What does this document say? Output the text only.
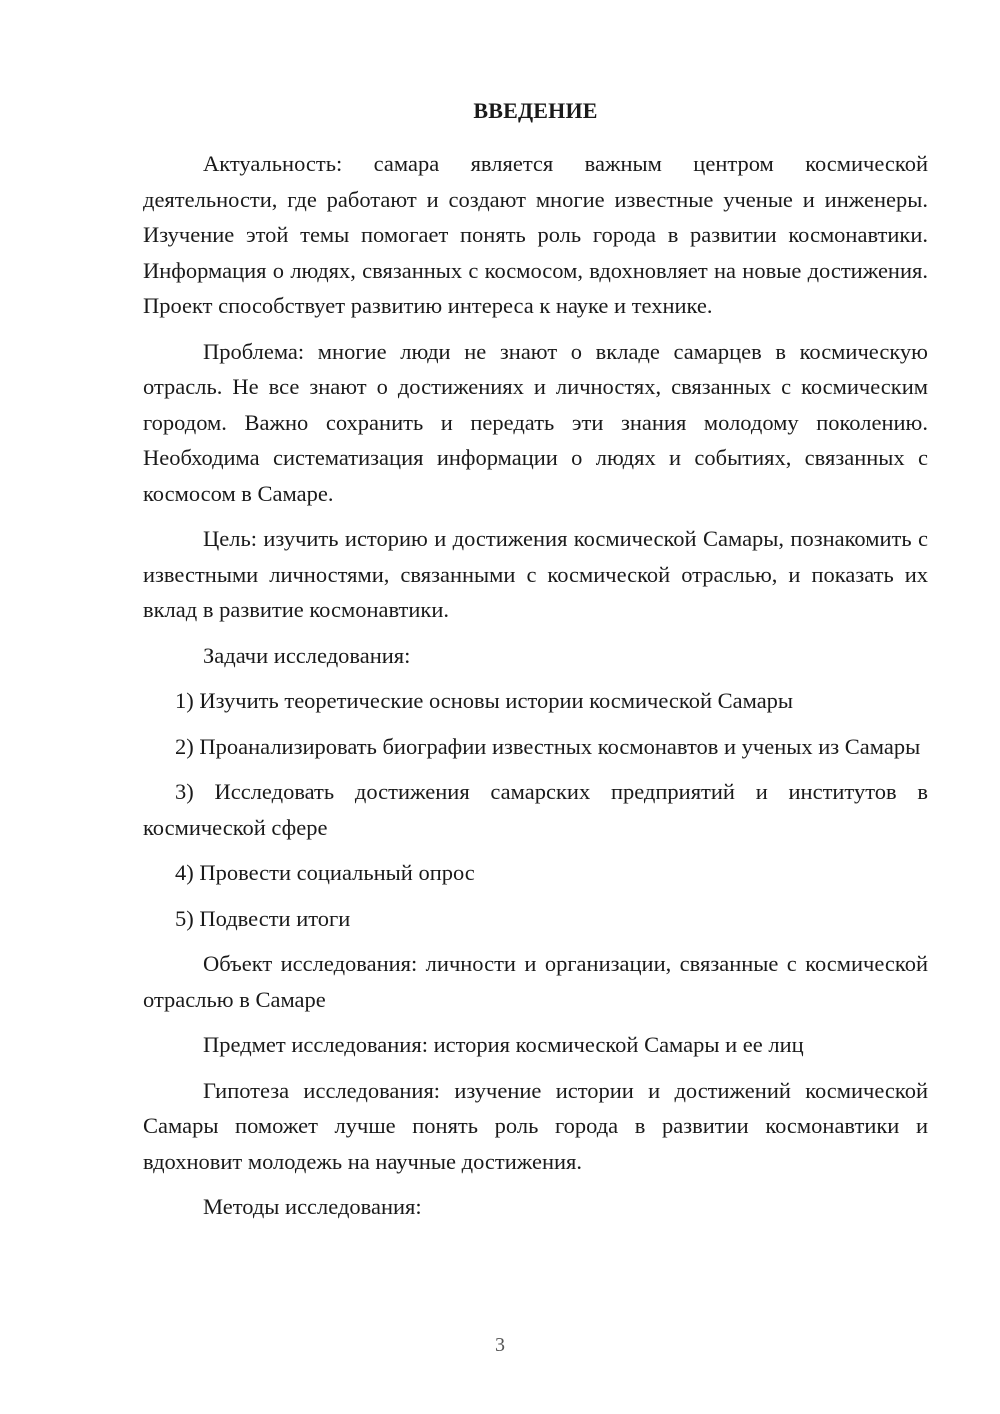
ВВЕДЕНИЕ

Актуальность: самара является важным центром космической деятельности, где работают и создают многие известные ученые и инженеры. Изучение этой темы помогает понять роль города в развитии космонавтики. Информация о людях, связанных с космосом, вдохновляет на новые достижения. Проект способствует развитию интереса к науке и технике.

Проблема: многие люди не знают о вкладе самарцев в космическую отрасль. Не все знают о достижениях и личностях, связанных с космическим городом. Важно сохранить и передать эти знания молодому поколению. Необходима систематизация информации о людях и событиях, связанных с космосом в Самаре.

Цель: изучить историю и достижения космической Самары, познакомить с известными личностями, связанными с космической отраслью, и показать их вклад в развитие космонавтики.

Задачи исследования:

1) Изучить теоретические основы истории космической Самары

2) Проанализировать биографии известных космонавтов и ученых из Самары

3) Исследовать достижения самарских предприятий и институтов в космической сфере

4) Провести социальный опрос

5) Подвести итоги

Объект исследования: личности и организации, связанные с космической отраслью в Самаре

Предмет исследования: история космической Самары и ее лиц

Гипотеза исследования: изучение истории и достижений космической Самары поможет лучше понять роль города в развитии космонавтики и вдохновит молодежь на научные достижения.

Методы исследования:

3
